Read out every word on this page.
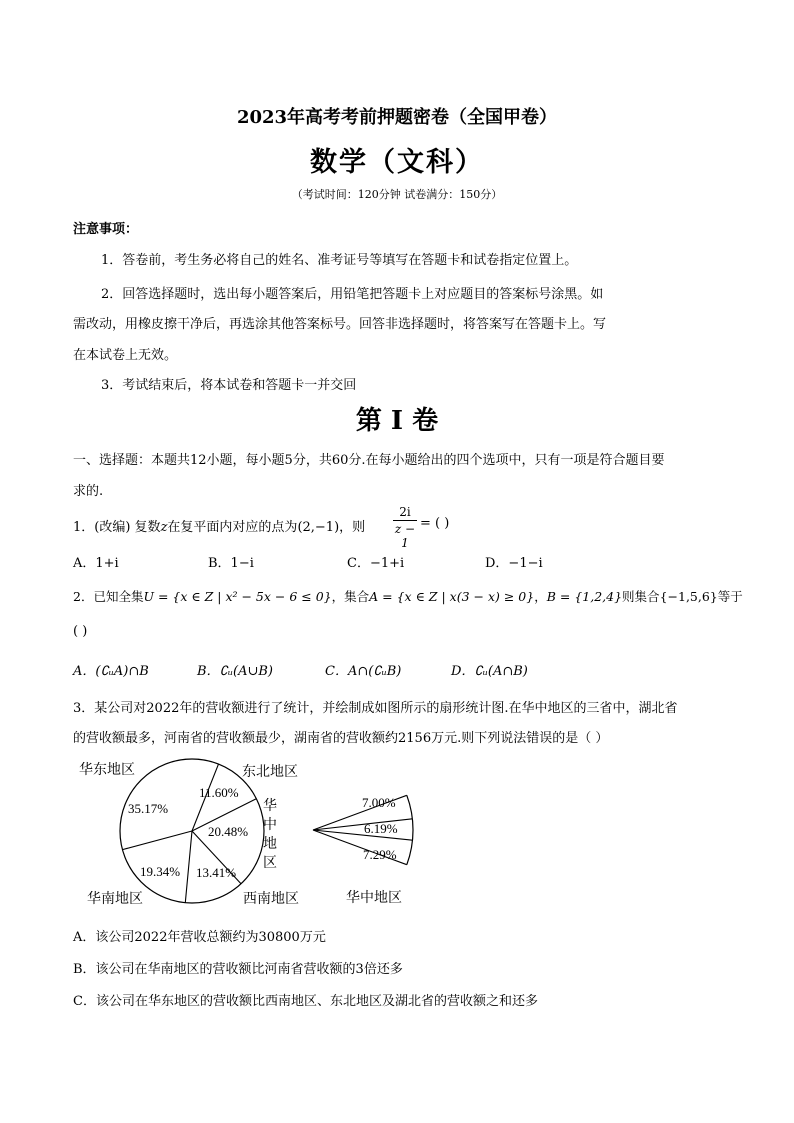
2023年高考考前押题密卷（全国甲卷）
数学（文科）
（考试时间：120分钟 试卷满分：150分）
注意事项：
1．答卷前，考生务必将自己的姓名、准考证号等填写在答题卡和试卷指定位置上。
2．回答选择题时，选出每小题答案后，用铅笔把答题卡上对应题目的答案标号涂黑。如
需改动，用橡皮擦干净后，再选涂其他答案标号。回答非选择题时，将答案写在答题卡上。写
在本试卷上无效。
3．考试结束后，将本试卷和答题卡一并交回
第 I 卷
一、选择题：本题共12小题，每小题5分，共60分.在每小题给出的四个选项中，只有一项是符合题目要
求的.
1．(改编) 复数z在复平面内对应的点为(2,−1)，则 $\frac{2i}{z - 1}$ = ( )
A．1+i	B．1−i	C．−1+i	D．−1−i
2．已知全集U = {x ∈ Z | x² − 5x − 6 ≤ 0}，集合A = {x ∈ Z | x(3 − x) ≥ 0}，B = {1,2,4}则集合{−1,5,6}等于
( )
A．(∁ᵤA)∩B	B．∁ᵤ(A∪B)	C．A∩(∁ᵤB)	D．∁ᵤ(A∩B)
3．某公司对2022年的营收额进行了统计，并绘制成如图所示的扇形统计图.在华中地区的三省中，湖北省
的营收额最多，河南省的营收额最少，湖南省的营收额约2156万元.则下列说法错误的是（ ）
35.17%
11.60%
20.48%
13.41%
19.34%
华东地区	东北地区
西南地区
华南地区
华
中
地
区
7.00%
6.19%
7.29%
华中地区
A．该公司2022年营收总额约为30800万元
B．该公司在华南地区的营收额比河南省营收额的3倍还多
C．该公司在华东地区的营收额比西南地区、东北地区及湖北省的营收额之和还多
